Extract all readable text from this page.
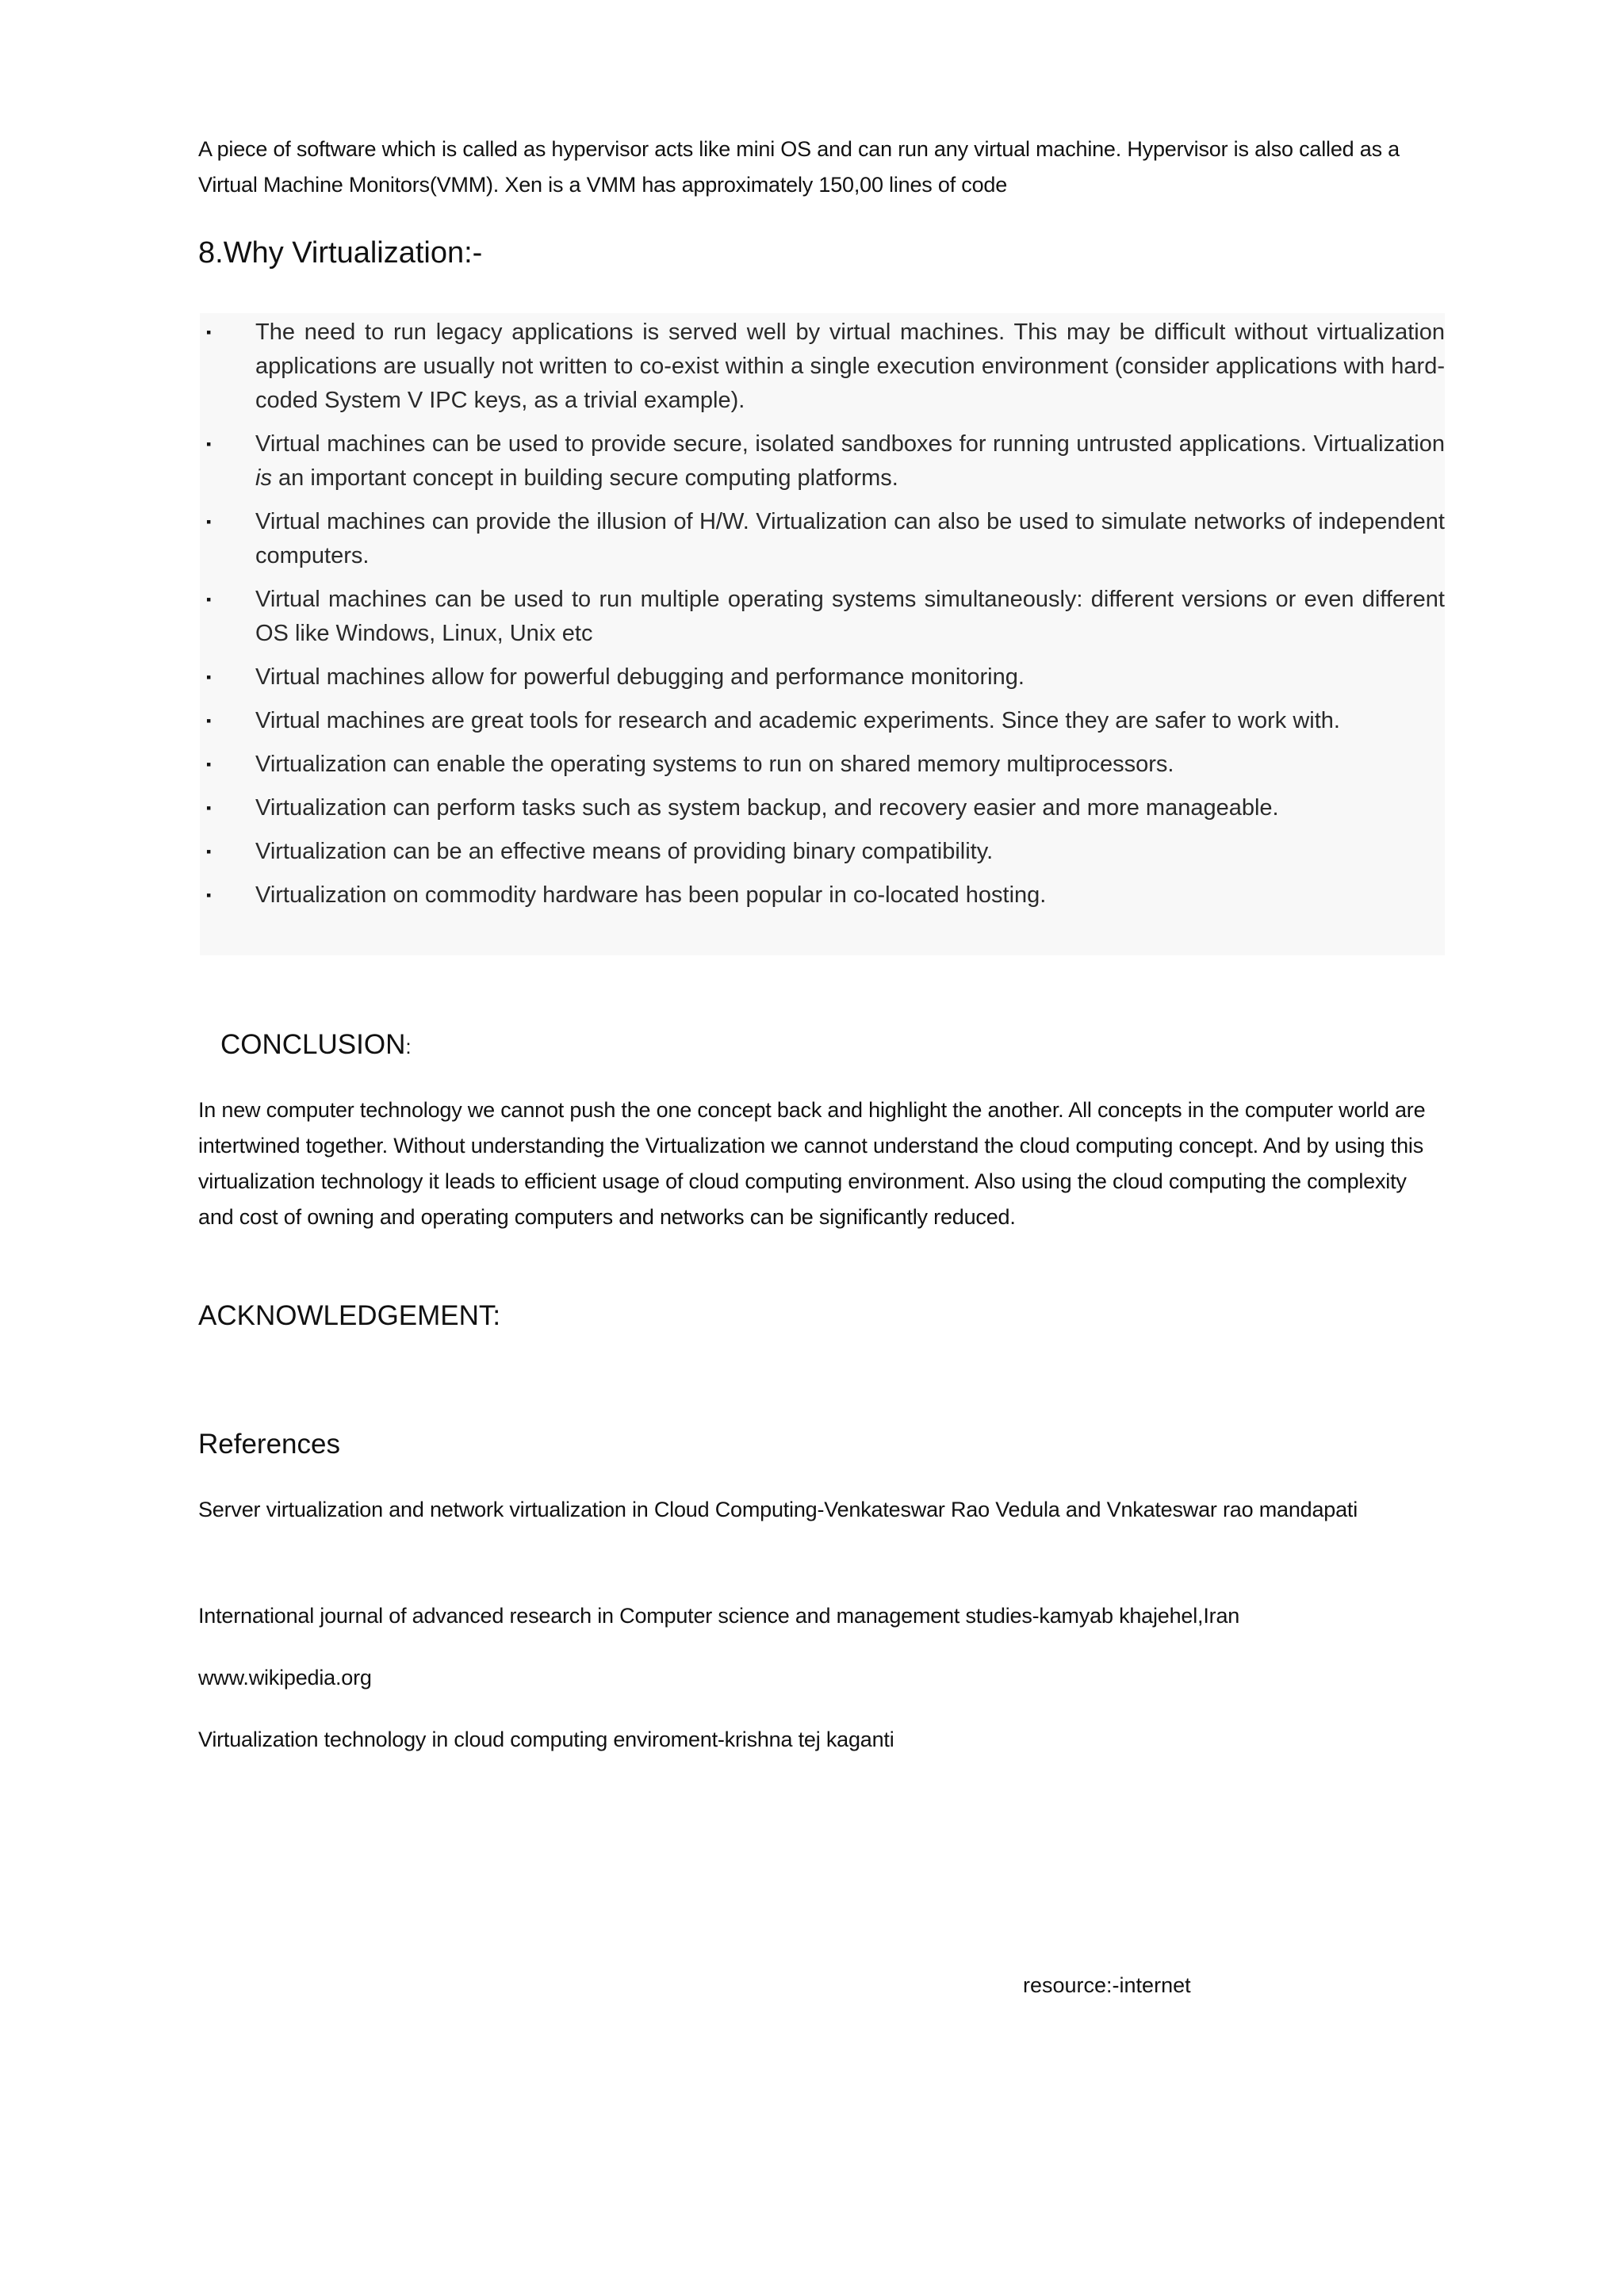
A piece of software which is called as hypervisor acts like mini OS and can run any virtual machine. Hypervisor is also called as a Virtual Machine Monitors(VMM). Xen is a VMM has approximately 150,00 lines of code

8.Why Virtualization:-
▪	The need to run legacy applications is served well by virtual machines. This may be difficult without virtualization applications are usually not written to co-exist within a single execution environment (consider applications with hard-coded System V IPC keys, as a trivial example).
▪	Virtual machines can be used to provide secure, isolated sandboxes for running untrusted applications. Virtualization is an important concept in building secure computing platforms.
▪	Virtual machines can provide the illusion of H/W. Virtualization can also be used to simulate networks of independent computers.
▪	Virtual machines can be used to run multiple operating systems simultaneously: different versions or even different OS like Windows, Linux, Unix etc
▪	Virtual machines allow for powerful debugging and performance monitoring.
▪	Virtual machines are great tools for research and academic experiments. Since they are safer to work with.
▪	Virtualization can enable the operating systems to run on shared memory multiprocessors.
▪	Virtualization can perform tasks such as system backup, and recovery easier and more manageable.
▪	Virtualization can be an effective means of providing binary compatibility.
▪	Virtualization on commodity hardware has been popular in co-located hosting.
CONCLUSION:

In new computer technology we cannot push the one concept back and highlight the another. All concepts in the computer world are intertwined together. Without understanding the Virtualization we cannot understand the cloud computing concept. And by using this virtualization technology it leads to efficient usage of cloud computing environment. Also using the cloud computing the complexity and cost of owning and operating computers and networks can be significantly reduced.

ACKNOWLEDGEMENT:
References

Server virtualization and network virtualization in Cloud Computing-Venkateswar Rao Vedula and Vnkateswar rao mandapati

International journal of advanced research in Computer science and management studies-kamyab khajehel,Iran

www.wikipedia.org

Virtualization technology in cloud computing enviroment-krishna tej kaganti

resource:-internet
